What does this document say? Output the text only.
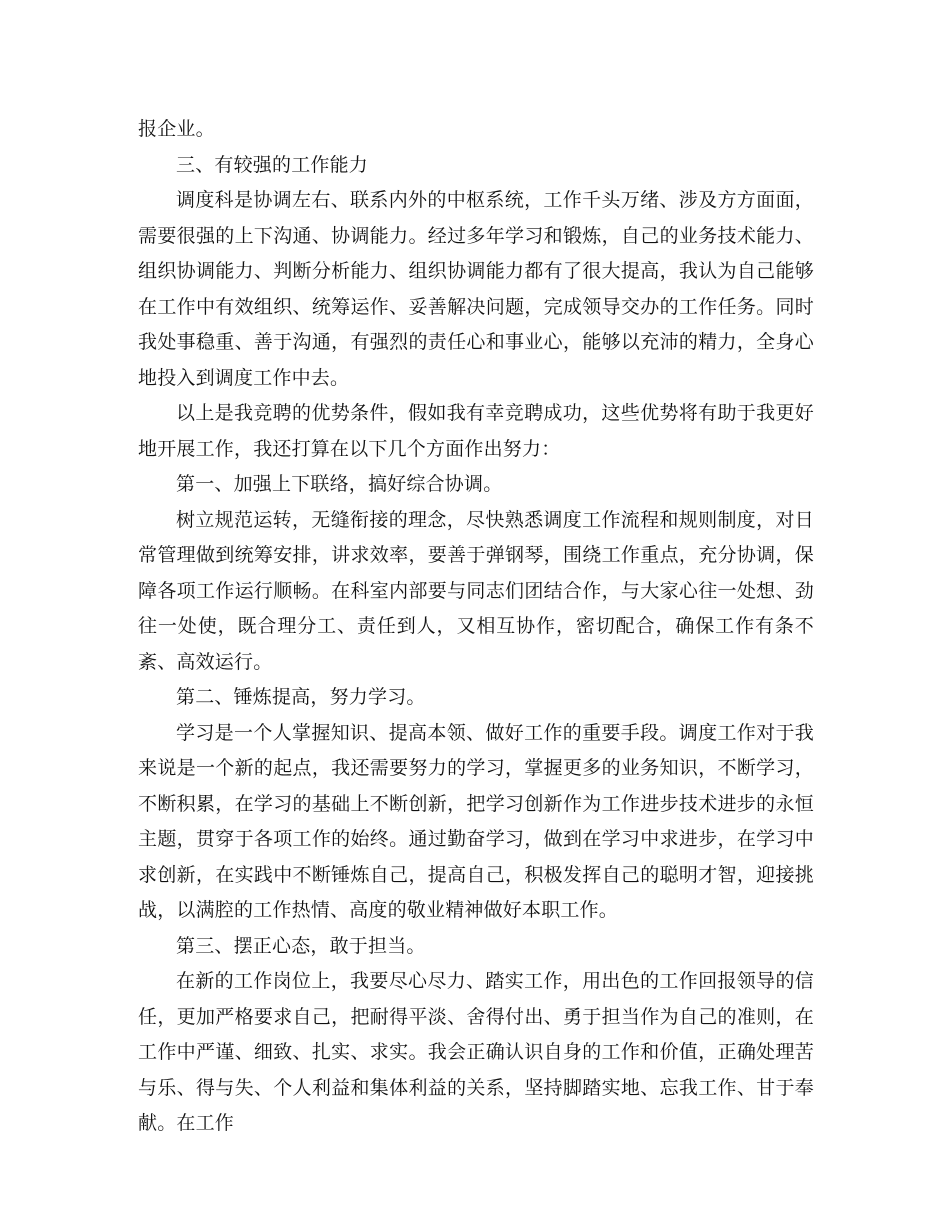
报企业。

三、有较强的工作能力

调度科是协调左右、联系内外的中枢系统，工作千头万绪、涉及方方面面，需要很强的上下沟通、协调能力。经过多年学习和锻炼，自己的业务技术能力、组织协调能力、判断分析能力、组织协调能力都有了很大提高，我认为自己能够在工作中有效组织、统筹运作、妥善解决问题，完成领导交办的工作任务。同时我处事稳重、善于沟通，有强烈的责任心和事业心，能够以充沛的精力，全身心地投入到调度工作中去。

以上是我竞聘的优势条件，假如我有幸竞聘成功，这些优势将有助于我更好地开展工作，我还打算在以下几个方面作出努力：

第一、加强上下联络，搞好综合协调。

树立规范运转，无缝衔接的理念，尽快熟悉调度工作流程和规则制度，对日常管理做到统筹安排，讲求效率，要善于弹钢琴，围绕工作重点，充分协调，保障各项工作运行顺畅。在科室内部要与同志们团结合作，与大家心往一处想、劲往一处使，既合理分工、责任到人，又相互协作，密切配合，确保工作有条不紊、高效运行。

第二、锤炼提高，努力学习。

学习是一个人掌握知识、提高本领、做好工作的重要手段。调度工作对于我来说是一个新的起点，我还需要努力的学习，掌握更多的业务知识，不断学习，不断积累，在学习的基础上不断创新，把学习创新作为工作进步技术进步的永恒主题，贯穿于各项工作的始终。通过勤奋学习，做到在学习中求进步，在学习中求创新，在实践中不断锤炼自己，提高自己，积极发挥自己的聪明才智，迎接挑战，以满腔的工作热情、高度的敬业精神做好本职工作。

第三、摆正心态，敢于担当。

在新的工作岗位上，我要尽心尽力、踏实工作，用出色的工作回报领导的信任，更加严格要求自己，把耐得平淡、舍得付出、勇于担当作为自己的准则，在工作中严谨、细致、扎实、求实。我会正确认识自身的工作和价值，正确处理苦与乐、得与失、个人利益和集体利益的关系，坚持脚踏实地、忘我工作、甘于奉献。在工作
